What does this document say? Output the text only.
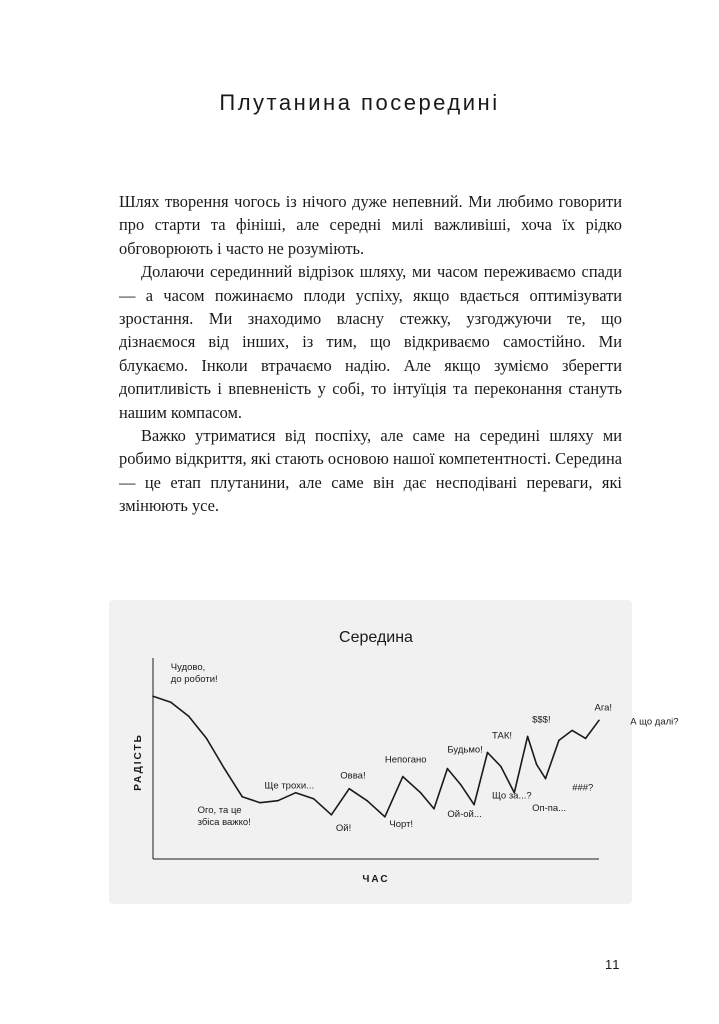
Плутанина посередині

Шлях творення чогось із нічого дуже непевний. Ми любимо говорити про старти та фініші, але середні милі важливіші, хоча їх рідко обговорюють і часто не розуміють.

Долаючи серединний відрізок шляху, ми часом переживаємо спади — а часом пожинаємо плоди успіху, якщо вдається оптимізувати зростання. Ми знаходимо власну стежку, узгоджуючи те, що дізнаємося від інших, із тим, що відкриваємо самостійно. Ми блукаємо. Інколи втрачаємо надію. Але якщо зуміємо зберегти допитливість і впевненість у собі, то інтуїція та переконання стануть нашим компасом.

Важко утриматися від поспіху, але саме на середині шляху ми робимо відкриття, які стають основою нашої компетентності. Середина — це етап плутанини, але саме він дає несподівані переваги, які змінюють усе.

Середина
ЧАС
РАДІСТЬ
Чудово,
до роботи!
Ого, та це
збіса важко!
Ще трохи...
Ой!
Овва!
Непогано
Чорт!
Будьмо!
Ой-ой...
ТАК!
Що за...?
$$$!
Оп-па...
###?
Ага!
А що далі?
11
